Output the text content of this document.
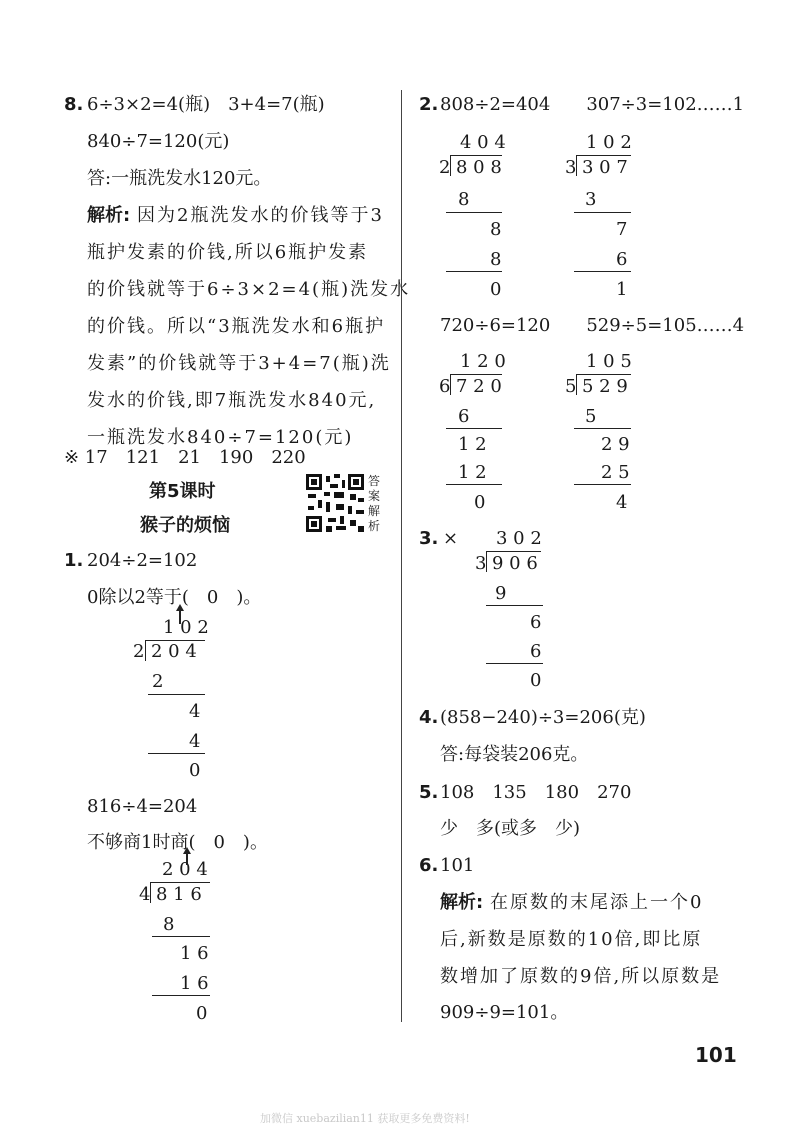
8. 6÷3×2=4(瓶)　3+4=7(瓶)
840÷7=120(元)
答:一瓶洗发水120元。
解析: 因为2瓶洗发水的价钱等于3
瓶护发素的价钱,所以6瓶护发素
的价钱就等于6÷3×2=4(瓶)洗发水
的价钱。所以“3瓶洗发水和6瓶护
发素”的价钱就等于3+4=7(瓶)洗
发水的价钱,即7瓶洗发水840元,
一瓶洗发水840÷7=120(元)
※ 17　121　21　190　220
第5课时
猴子的烦恼
答案解析
1. 204÷2=102
0除以2等于(　0　)。
1 0 2
2 2 0 4
2
4
4
0
816÷4=204
不够商1时商(　0　)。
2 0 4
4 8 1 6
8
1 6
1 6
0
2. 808÷2=404　　307÷3=102……1
4 0 4
2 8 0 8
8
8
8
0
1 0 2
3 3 0 7
3
7
6
1
720÷6=120　　529÷5=105……4
1 2 0
6 7 2 0
6
1 2
1 2
0
1 0 5
5 5 2 9
5
2 9
2 5
4
3. × 3 0 2
3 9 0 6
9
6
6
0
4. (858−240)÷3=206(克)
答:每袋装206克。
5. 108　135　180　270
少　多(或多　少)
6. 101
解析: 在原数的末尾添上一个0
后,新数是原数的10倍,即比原
数增加了原数的9倍,所以原数是
909÷9=101。
101
加微信 xuebazilian11 获取更多免费资料!
